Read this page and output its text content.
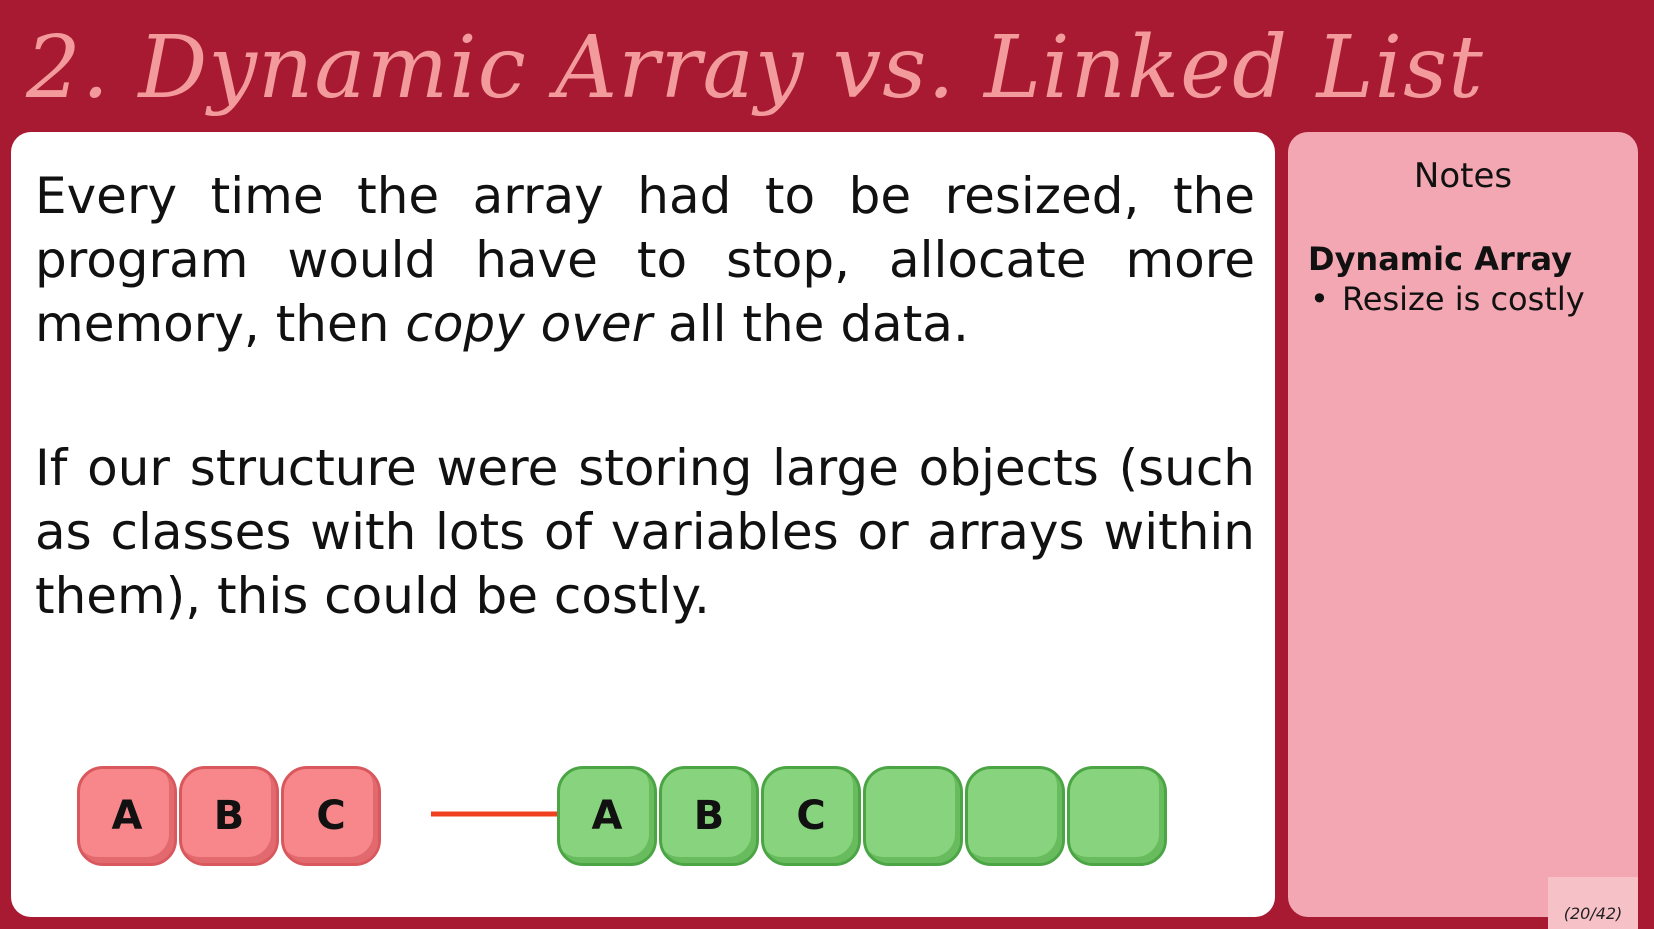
2. Dynamic Array vs. Linked List

Every time the array had to be resized, the program would have to stop, allocate more memory, then copy over all the data.

If our structure were storing large objects (such as classes with lots of variables or arrays within them), this could be costly.

A	B	C	A	B	C
Notes
Dynamic Array
• Resize is costly
(20/42)
